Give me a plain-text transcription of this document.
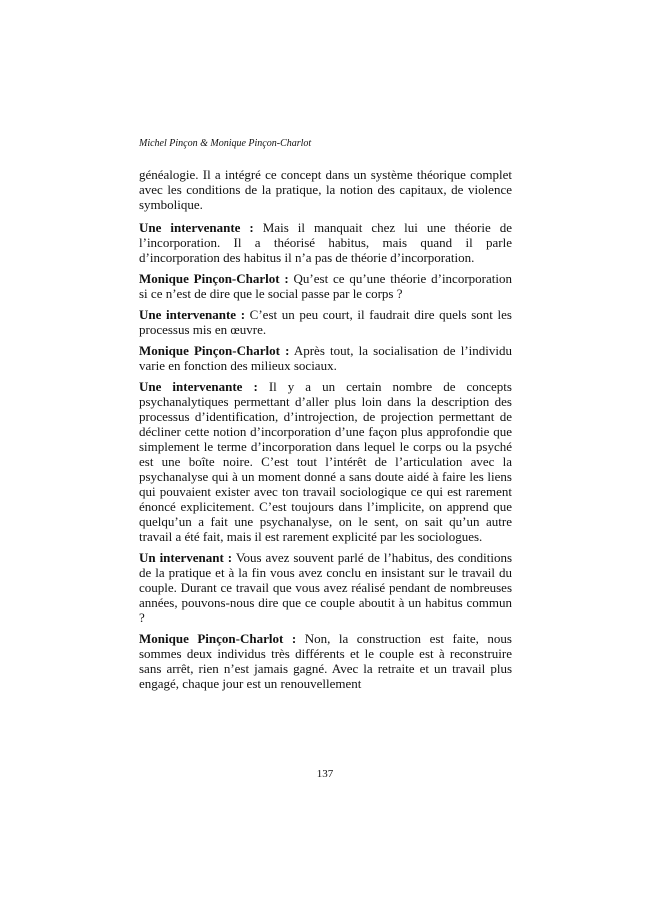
Michel Pinçon & Monique Pinçon-Charlot

généalogie. Il a intégré ce concept dans un système théorique complet avec les conditions de la pratique, la notion des capitaux, de violence symbolique.

Une intervenante : Mais il manquait chez lui une théorie de l’incorporation. Il a théorisé habitus, mais quand il parle d’incorporation des habitus il n’a pas de théorie d’incorporation.

Monique Pinçon-Charlot : Qu’est ce qu’une théorie d’incorporation si ce n’est de dire que le social passe par le corps ?

Une intervenante : C’est un peu court, il faudrait dire quels sont les processus mis en œuvre.

Monique Pinçon-Charlot : Après tout, la socialisation de l’individu varie en fonction des milieux sociaux.

Une intervenante : Il y a un certain nombre de concepts psychanalytiques permettant d’aller plus loin dans la description des processus d’identification, d’introjection, de projection permettant de décliner cette notion d’incorporation d’une façon plus approfondie que simplement le terme d’incorporation dans lequel le corps ou la psyché est une boîte noire. C’est tout l’intérêt de l’articulation avec la psychanalyse qui à un moment donné a sans doute aidé à faire les liens qui pouvaient exister avec ton travail sociologique ce qui est rarement énoncé explicitement. C’est toujours dans l’implicite, on apprend que quelqu’un a fait une psychanalyse, on le sent, on sait qu’un autre travail a été fait, mais il est rarement explicité par les sociologues.

Un intervenant : Vous avez souvent parlé de l’habitus, des conditions de la pratique et à la fin vous avez conclu en insistant sur le travail du couple. Durant ce travail que vous avez réalisé pendant de nombreuses années, pouvons-nous dire que ce couple aboutit à un habitus commun ?

Monique Pinçon-Charlot : Non, la construction est faite, nous sommes deux individus très différents et le couple est à reconstruire sans arrêt, rien n’est jamais gagné. Avec la retraite et un travail plus engagé, chaque jour est un renouvellement

137
